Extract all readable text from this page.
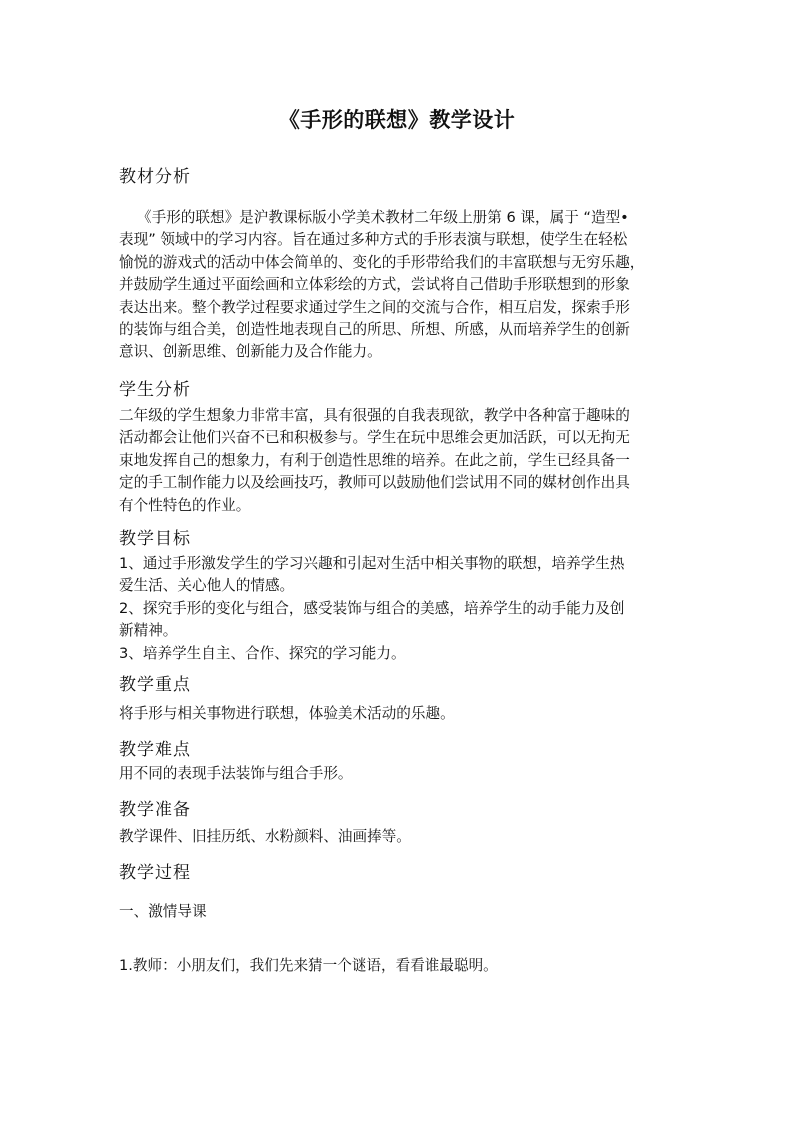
《手形的联想》教学设计
教材分析

《手形的联想》是沪教课标版小学美术教材二年级上册第 6 课，属于 “造型•

表现” 领域中的学习内容。旨在通过多种方式的手形表演与联想，使学生在轻松

愉悦的游戏式的活动中体会简单的、变化的手形带给我们的丰富联想与无穷乐趣，

并鼓励学生通过平面绘画和立体彩绘的方式，尝试将自己借助手形联想到的形象

表达出来。整个教学过程要求通过学生之间的交流与合作，相互启发，探索手形

的装饰与组合美，创造性地表现自己的所思、所想、所感，从而培养学生的创新

意识、创新思维、创新能力及合作能力。

学生分析

二年级的学生想象力非常丰富，具有很强的自我表现欲，教学中各种富于趣味的

活动都会让他们兴奋不已和积极参与。学生在玩中思维会更加活跃，可以无拘无

束地发挥自己的想象力，有利于创造性思维的培养。在此之前，学生已经具备一

定的手工制作能力以及绘画技巧，教师可以鼓励他们尝试用不同的媒材创作出具

有个性特色的作业。

教学目标

1、通过手形激发学生的学习兴趣和引起对生活中相关事物的联想，培养学生热

爱生活、关心他人的情感。

2、探究手形的变化与组合，感受装饰与组合的美感，培养学生的动手能力及创

新精神。

3、培养学生自主、合作、探究的学习能力。

教学重点

将手形与相关事物进行联想，体验美术活动的乐趣。

教学难点

用不同的表现手法装饰与组合手形。

教学准备

教学课件、旧挂历纸、水粉颜料、油画捧等。

教学过程
一、激情导课
1.教师：小朋友们，我们先来猜一个谜语，看看谁最聪明。
